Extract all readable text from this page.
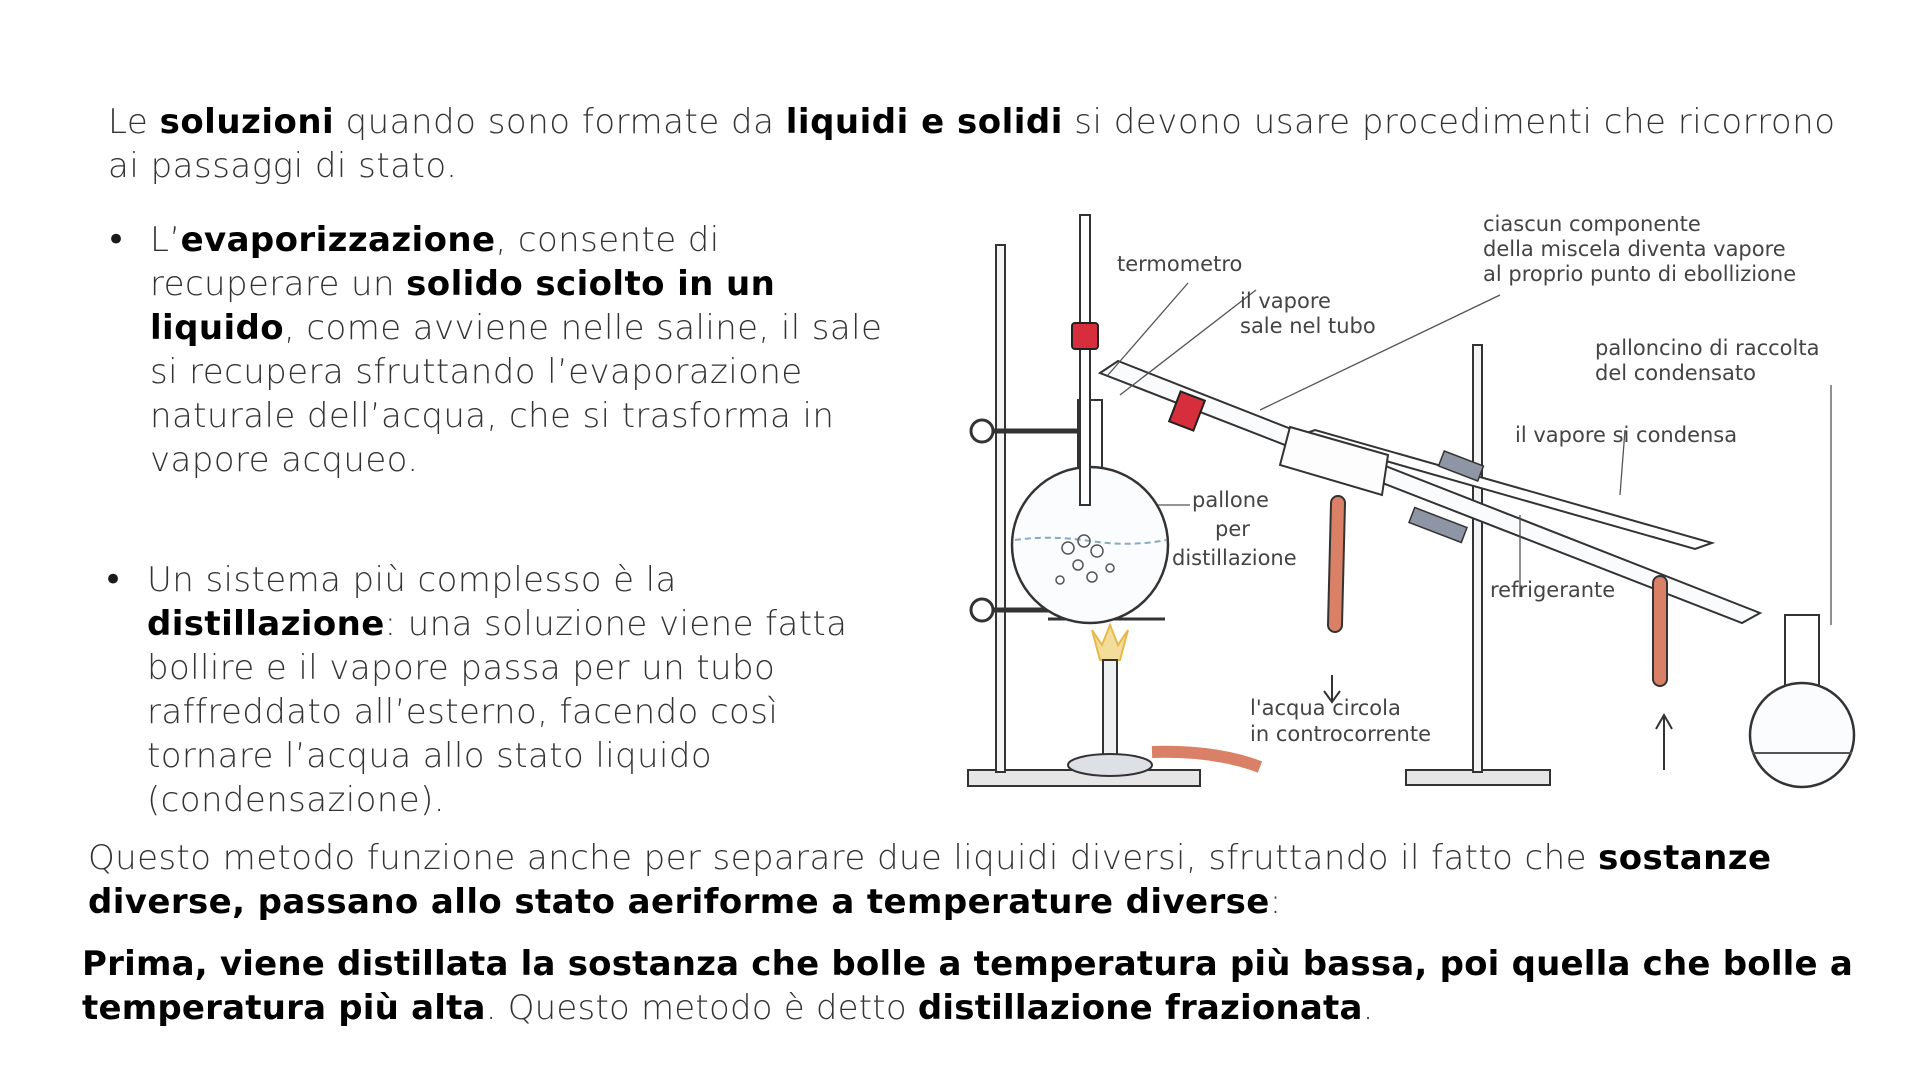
Le soluzioni quando sono formate da liquidi e solidi si devono usare procedimenti che ricorrono ai passaggi di stato.
• L’evaporizzazione, consente di recuperare un solido sciolto in un liquido, come avviene nelle saline, il sale si recupera sfruttando l’evaporazione naturale dell’acqua, che si trasforma in vapore acqueo.
• Un sistema più complesso è la distillazione: una soluzione viene fatta bollire e il vapore passa per un tubo raffreddato all’esterno, facendo così tornare l’acqua allo stato liquido (condensazione).
Questo metodo funzione anche per separare due liquidi diversi, sfruttando il fatto che sostanze diverse, passano allo stato aeriforme a temperature diverse:
Prima, viene distillata la sostanza che bolle a temperatura più bassa, poi quella che bolle a temperatura più alta. Questo metodo è detto distillazione frazionata.
termometro
il vapore
sale nel tubo
ciascun componente
della miscela diventa vapore
al proprio punto di ebollizione
palloncino di raccolta
del condensato
il vapore si condensa
pallone
per
distillazione
refrigerante
l'acqua circola
in controcorrente
